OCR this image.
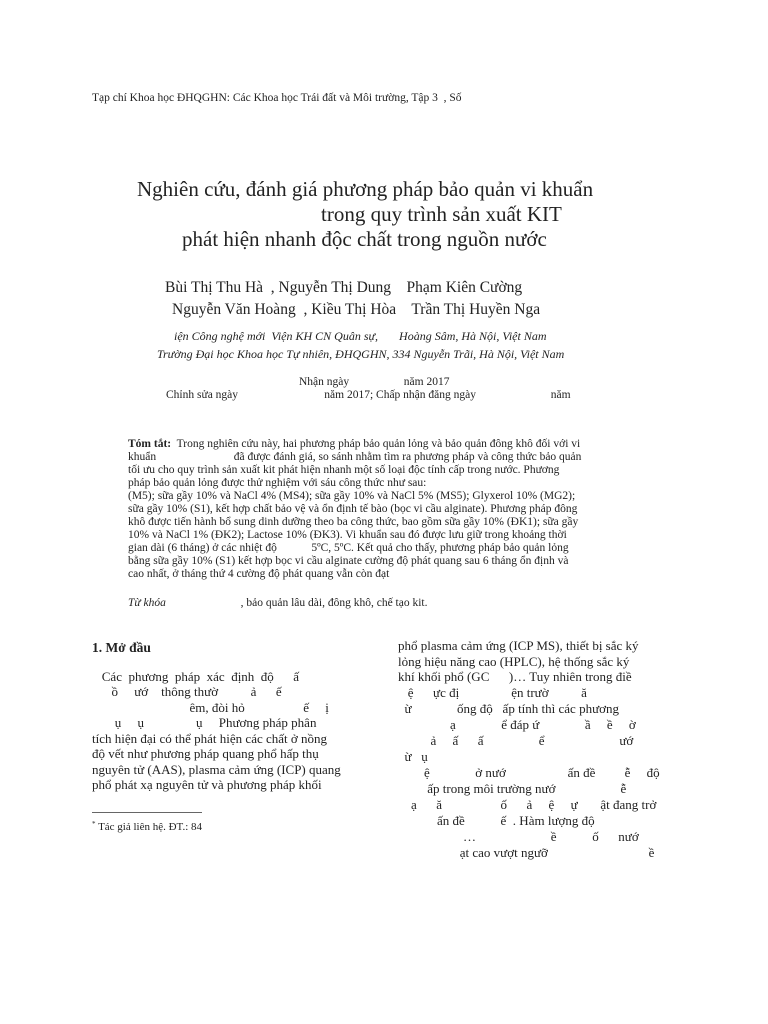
Tạp chí Khoa học ĐHQGHN: Các Khoa học Trái đất và Môi trường, Tập 3  , Số
Nghiên cứu, đánh giá phương pháp bảo quản vi khuẩn
trong quy trình sản xuất KIT
phát hiện nhanh độc chất trong nguồn nước
Bùi Thị Thu Hà  , Nguyễn Thị Dung    Phạm Kiên Cường
Nguyễn Văn Hoàng  , Kiều Thị Hòa    Trần Thị Huyền Nga
iện Công nghệ mới  Viện KH CN Quân sự,       Hoàng Sâm, Hà Nội, Việt Nam
Trường Đại học Khoa học Tự nhiên, ĐHQGHN, 334 Nguyễn Trãi, Hà Nội, Việt Nam
Nhận ngày                   năm 2017
Chỉnh sửa ngày                              năm 2017; Chấp nhận đăng ngày                          năm
Tóm tắt:  Trong nghiên cứu này, hai phương pháp bảo quản lỏng và bảo quản đông khô đối với vi
khuẩn                           đã được đánh giá, so sánh nhằm tìm ra phương pháp và công thức bảo quản
tối ưu cho quy trình sản xuất kit phát hiện nhanh một số loại độc tính cấp trong nước. Phương
pháp bảo quản lỏng được thử nghiệm với sáu công thức như sau:
(M5); sữa gầy 10% và NaCl 4% (MS4); sữa gầy 10% và NaCl 5% (MS5); Glyxerol 10% (MG2);
sữa gầy 10% (S1), kết hợp chất bảo vệ và ổn định tế bào (bọc vi cầu alginate). Phương pháp đông
khô được tiến hành bổ sung dinh dưỡng theo ba công thức, bao gồm sữa gầy 10% (ĐK1); sữa gầy
10% và NaCl 1% (ĐK2); Lactose 10% (ĐK3). Vi khuẩn sau đó được lưu giữ trong khoảng thời
gian dài (6 tháng) ở các nhiệt độ            5ºC, 5ºC. Kết quả cho thấy, phương pháp bảo quản lỏng
bằng sữa gầy 10% (S1) kết hợp bọc vi cầu alginate cường độ phát quang sau 6 tháng ổn định và
cao nhất, ở tháng thứ 4 cường độ phát quang vẫn còn đạt
Từ khóa                          , bảo quản lâu dài, đông khô, chế tạo kit.
1. Mở đầu
Các  phương  pháp  xác  định  độ      ấ
ồ     ướ    thông thườ          ả      ế
êm, đòi hỏ                  ế     ị
ụ     ụ                ụ     Phương pháp phân
tích hiện đại có thể phát hiện các chất ở nồng
độ vết như phương pháp quang phổ hấp thụ
nguyên tử (AAS), plasma cảm ứng (ICP) quang
phổ phát xạ nguyên tử và phương pháp khối
* Tác giả liên hệ. ĐT.: 84
phổ plasma cảm ứng (ICP MS), thiết bị sắc ký
lỏng hiệu năng cao (HPLC), hệ thống sắc ký
khí khối phổ (GC      )… Tuy nhiên trong điề
ệ      ực đị                ện trườ          ă
ừ              ống độ   ấp tính thì các phương
ạ              ể đáp ứ              ầ     ề     ờ
ả     ấ      ấ                 ể                       ướ
ừ   ụ
ệ              ở nướ                   ấn đề         ễ     độ
ấp trong môi trường nướ                    ễ
ạ      ă                  ố      ả     ệ     ự       ật đang trở
ấn đề           ế  . Hàm lượng độ
…                       ề           ố      nướ
ạt cao vượt ngưỡ                               ề
